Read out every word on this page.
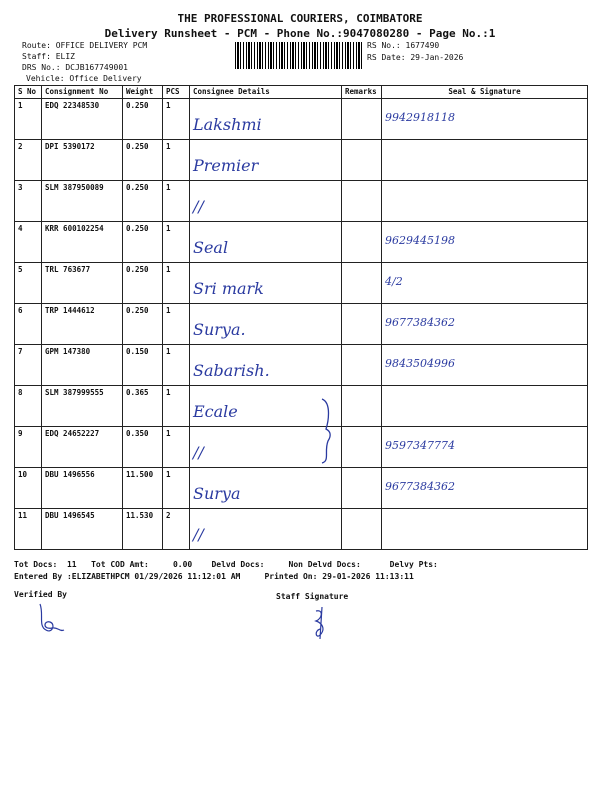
THE PROFESSIONAL COURIERS, COIMBATORE
Delivery Runsheet - PCM - Phone No.:9047080280 - Page No.:1
Route: OFFICE DELIVERY PCM
Staff: ELIZ
DRS No.: DCJB167749001
Vehicle: Office Delivery
RS No.: 1677490
RS Date: 29-Jan-2026
S No	Consignment No	Weight	PCS	Consignee Details	Remarks	Seal & Signature
1	EDQ 22348530	0.250	1	Lakshmi		9942918118

2	DPI 5390172	0.250	1	Premier		

3	SLM 387950089	0.250	1	//		

4	KRR 600102254	0.250	1	Seal		9629445198

5	TRL 763677	0.250	1	Sri mark		4/2

6	TRP 1444612	0.250	1	Surya.		9677384362

7	GPM 147380	0.150	1	Sabarish.		9843504996

8	SLM 387999555	0.365	1	Ecale		

9	EDQ 24652227	0.350	1	//		9597347774

10	DBU 1496556	11.500	1	Surya		9677384362

11	DBU 1496545	11.530	2	//		

Tot Docs:  11   Tot COD Amt:     0.00    Delvd Docs:     Non Delvd Docs:      Delvy Pts:
Entered By :ELIZABETHPCM 01/29/2026 11:12:01 AM     Printed On: 29-01-2026 11:13:11
Verified By	Staff Signature
